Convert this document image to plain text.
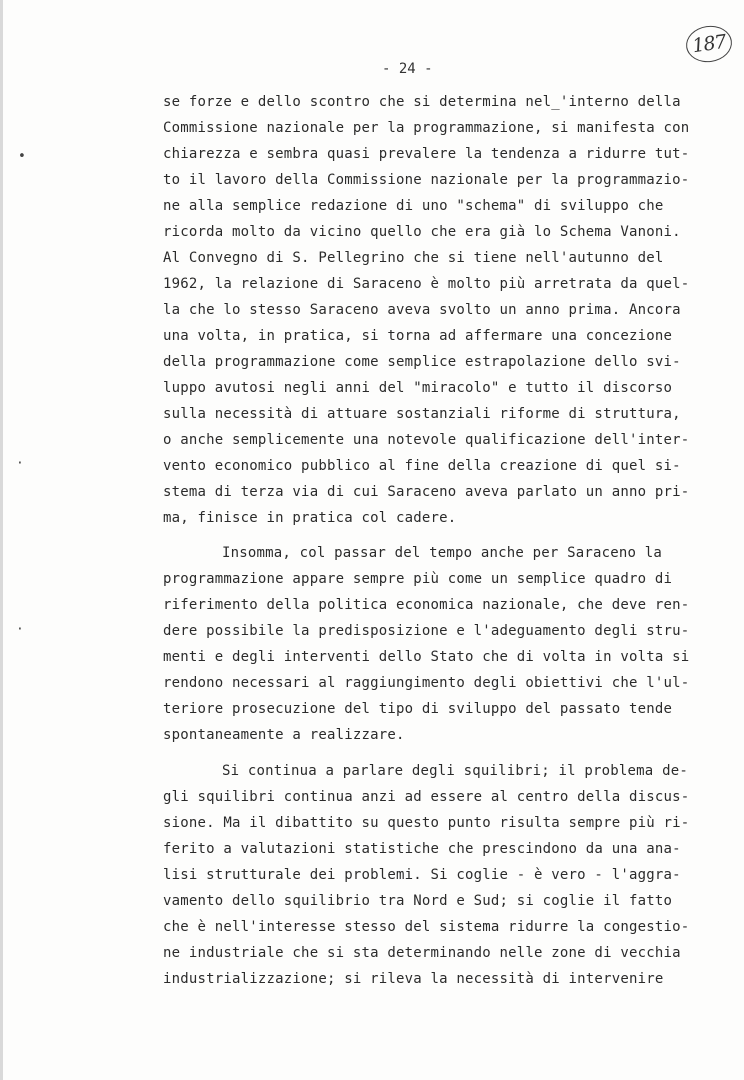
187
- 24 -
•
·
·
se forze e dello scontro che si determina nel_'interno della
Commissione nazionale per la programmazione, si manifesta con
chiarezza e sembra quasi prevalere la tendenza a ridurre tut-
to il lavoro della Commissione nazionale per la programmazio-
ne alla semplice redazione di uno "schema" di sviluppo che
ricorda molto da vicino quello che era già lo Schema Vanoni.
Al Convegno di S. Pellegrino che si tiene nell'autunno del
1962, la relazione di Saraceno è molto più arretrata da quel-
la che lo stesso Saraceno aveva svolto un anno prima. Ancora
una volta, in pratica, si torna ad affermare una concezione
della programmazione come semplice estrapolazione dello svi-
luppo avutosi negli anni del "miracolo" e tutto il discorso
sulla necessità di attuare sostanziali riforme di struttura,
o anche semplicemente una notevole qualificazione dell'inter-
vento economico pubblico al fine della creazione di quel si-
stema di terza via di cui Saraceno aveva parlato un anno pri-
ma, finisce in pratica col cadere.
Insomma, col passar del tempo anche per Saraceno la
programmazione appare sempre più come un semplice quadro di
riferimento della politica economica nazionale, che deve ren-
dere possibile la predisposizione e l'adeguamento degli stru-
menti e degli interventi dello Stato che di volta in volta si
rendono necessari al raggiungimento degli obiettivi che l'ul-
teriore prosecuzione del tipo di sviluppo del passato tende
spontaneamente a realizzare.
Si continua a parlare degli squilibri; il problema de-
gli squilibri continua anzi ad essere al centro della discus-
sione. Ma il dibattito su questo punto risulta sempre più ri-
ferito a valutazioni statistiche che prescindono da una ana-
lisi strutturale dei problemi. Si coglie - è vero - l'aggra-
vamento dello squilibrio tra Nord e Sud; si coglie il fatto
che è nell'interesse stesso del sistema ridurre la congestio-
ne industriale che si sta determinando nelle zone di vecchia
industrializzazione; si rileva la necessità di intervenire
